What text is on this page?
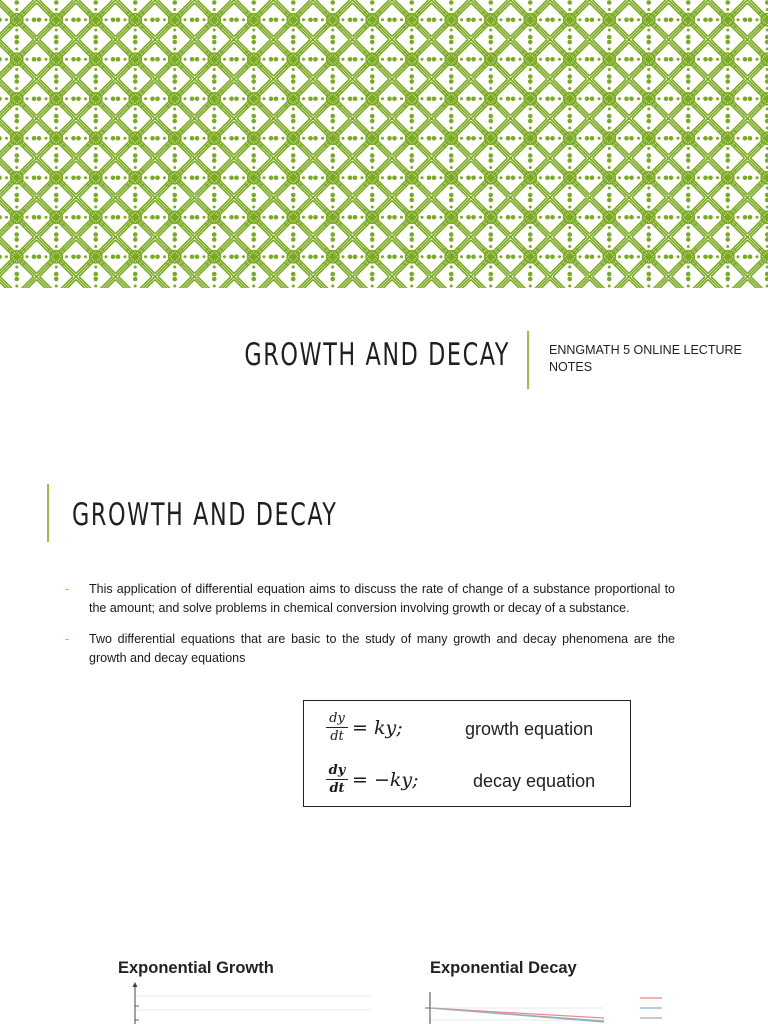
GROWTH AND DECAY	ENNGMATH 5 ONLINE LECTURE NOTES

GROWTH AND DECAY
- This application of differential equation aims to discuss the rate of change of a substance proportional to the amount; and solve problems in chemical conversion involving growth or decay of a substance.
- Two differential equations that are basic to the study of many growth and decay phenomena are the growth and decay equations
dy
dt = ky;	growth equation
dy
dt = −ky;	decay equation
Exponential Growth	Exponential Decay
